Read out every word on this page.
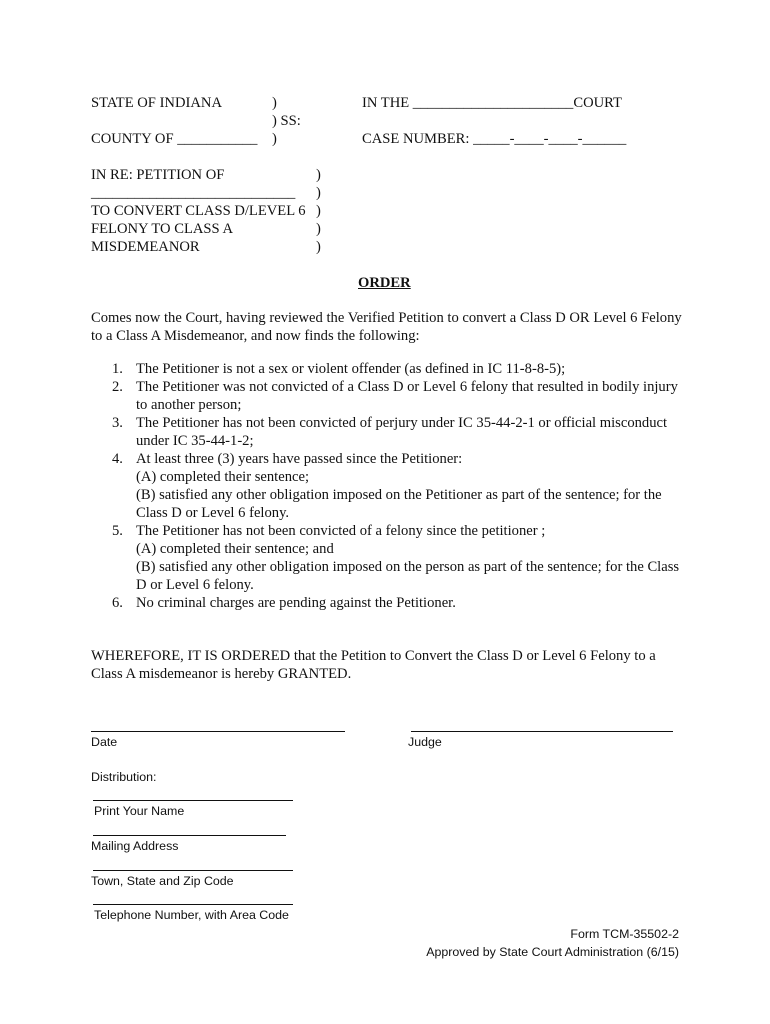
STATE OF INDIANA	)
) SS:
COUNTY OF ___________ )
IN THE ______________________COURT
CASE NUMBER: _____-____-____-______
IN RE: PETITION OF	)
____________________________ )
TO CONVERT CLASS D/LEVEL 6 )
FELONY TO CLASS A	)
MISDEMEANOR	)
ORDER
Comes now the Court, having reviewed the Verified Petition to convert a Class D OR Level 6 Felony to a Class A Misdemeanor, and now finds the following:
1. The Petitioner is not a sex or violent offender (as defined in IC 11-8-8-5);
2. The Petitioner was not convicted of a Class D or Level 6 felony that resulted in bodily injury to another person;
3. The Petitioner has not been convicted of perjury under IC 35-44-2-1 or official misconduct under IC 35-44-1-2;
4. At least three (3) years have passed since the Petitioner:
(A) completed their sentence;
(B) satisfied any other obligation imposed on the Petitioner as part of the sentence; for the Class D or Level 6 felony.
5. The Petitioner has not been convicted of a felony since the petitioner ;
(A) completed their sentence; and
(B) satisfied any other obligation imposed on the person as part of the sentence; for the Class D or Level 6 felony.
6. No criminal charges are pending against the Petitioner.
WHEREFORE, IT IS ORDERED that the Petition to Convert the Class D or Level 6 Felony to a Class A misdemeanor is hereby GRANTED.
Date	Judge
Distribution:
Print Your Name
Mailing Address
Town, State and Zip Code
Telephone Number, with Area Code
Form TCM-35502-2
Approved by State Court Administration (6/15)
